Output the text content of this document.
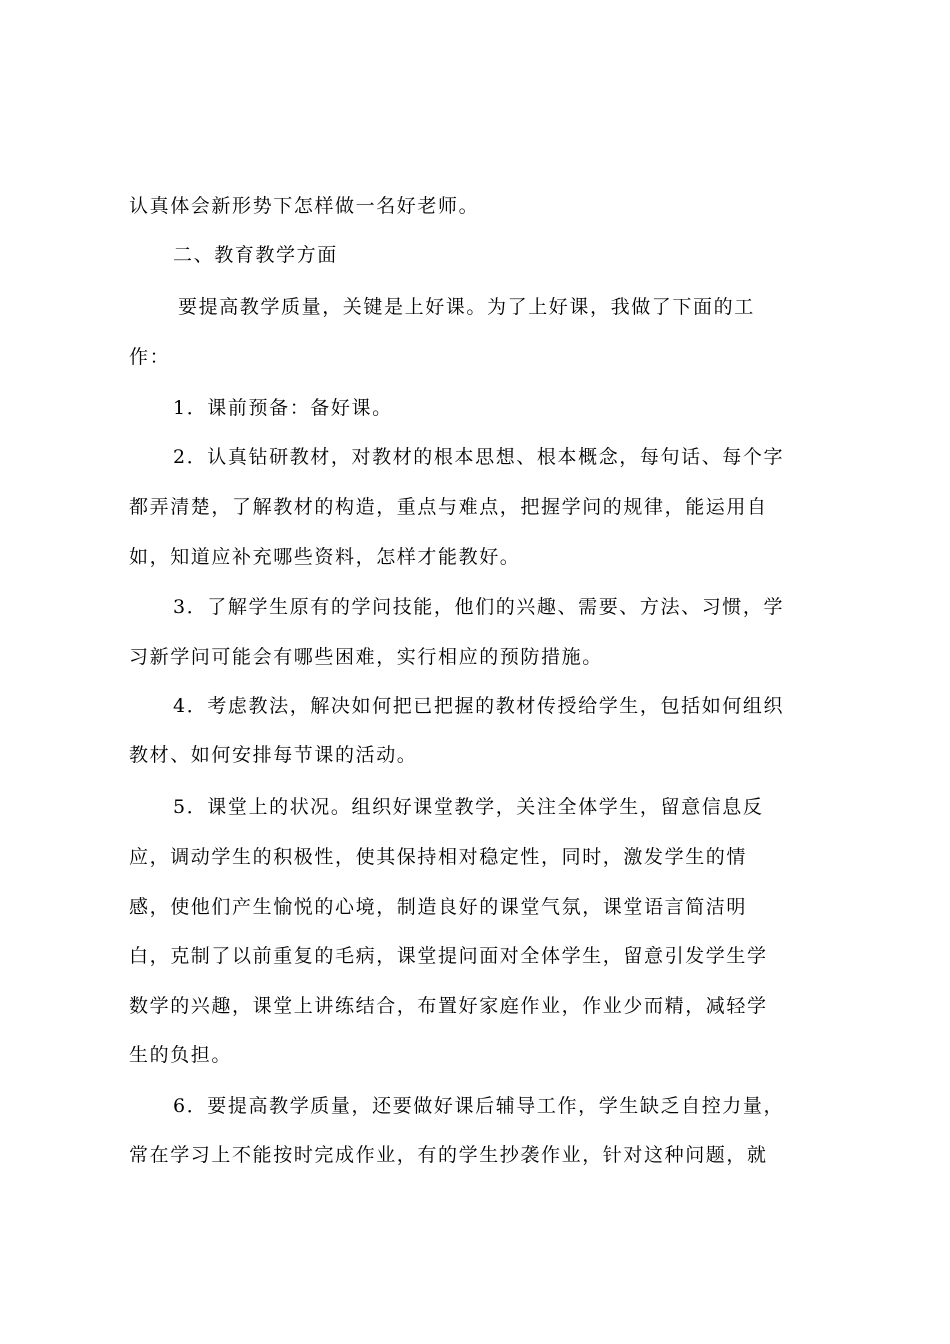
认真体会新形势下怎样做一名好老师。
二、教育教学方面
要提高教学质量，关键是上好课。为了上好课，我做了下面的工
作：
1．课前预备：备好课。
2．认真钻研教材，对教材的根本思想、根本概念，每句话、每个字
都弄清楚，了解教材的构造，重点与难点，把握学问的规律，能运用自
如，知道应补充哪些资料，怎样才能教好。
3．了解学生原有的学问技能，他们的兴趣、需要、方法、习惯，学
习新学问可能会有哪些困难，实行相应的预防措施。
4．考虑教法，解决如何把已把握的教材传授给学生，包括如何组织
教材、如何安排每节课的活动。
5．课堂上的状况。组织好课堂教学，关注全体学生，留意信息反
应，调动学生的积极性，使其保持相对稳定性，同时，激发学生的情
感，使他们产生愉悦的心境，制造良好的课堂气氛，课堂语言简洁明
白，克制了以前重复的毛病，课堂提问面对全体学生，留意引发学生学
数学的兴趣，课堂上讲练结合，布置好家庭作业，作业少而精，减轻学
生的负担。
6．要提高教学质量，还要做好课后辅导工作，学生缺乏自控力量，
常在学习上不能按时完成作业，有的学生抄袭作业，针对这种问题，就
